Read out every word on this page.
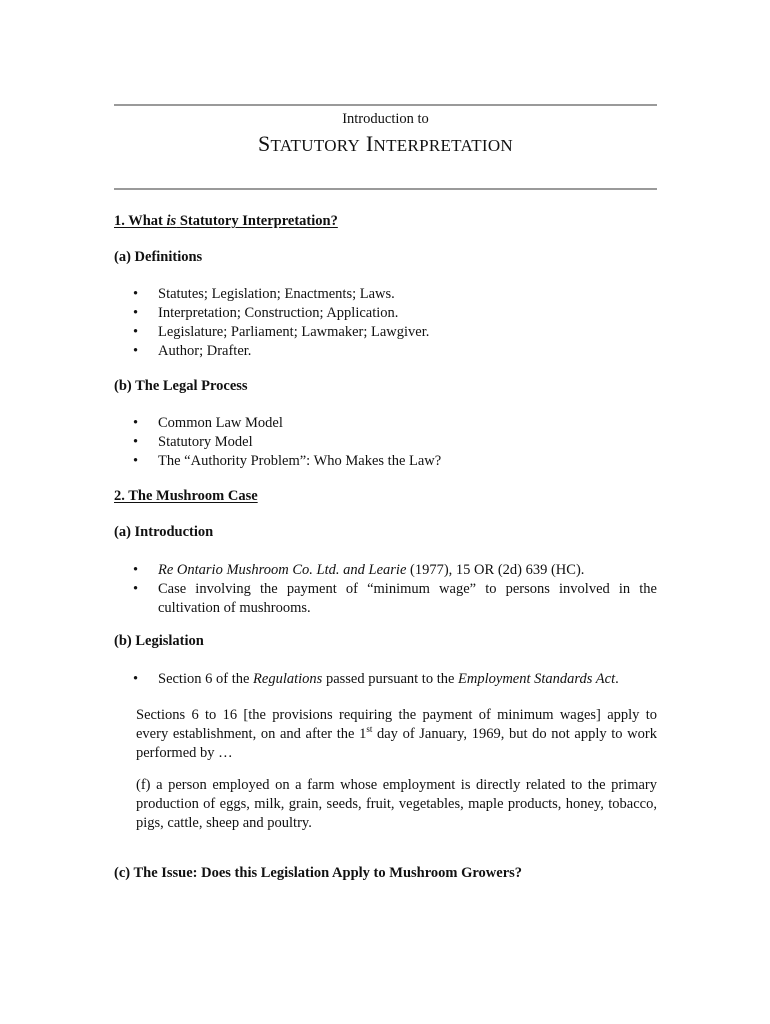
Introduction to
STATUTORY INTERPRETATION
1. What is Statutory Interpretation?
(a) Definitions
• Statutes; Legislation; Enactments; Laws.
• Interpretation; Construction; Application.
• Legislature; Parliament; Lawmaker; Lawgiver.
• Author; Drafter.
(b) The Legal Process
• Common Law Model
• Statutory Model
• The “Authority Problem”: Who Makes the Law?
2. The Mushroom Case
(a) Introduction
• Re Ontario Mushroom Co. Ltd. and Learie (1977), 15 OR (2d) 639 (HC).
• Case involving the payment of “minimum wage” to persons involved in the cultivation of mushrooms.
(b) Legislation
• Section 6 of the Regulations passed pursuant to the Employment Standards Act.
Sections 6 to 16 [the provisions requiring the payment of minimum wages] apply to every establishment, on and after the 1st day of January, 1969, but do not apply to work performed by …
(f) a person employed on a farm whose employment is directly related to the primary production of eggs, milk, grain, seeds, fruit, vegetables, maple products, honey, tobacco, pigs, cattle, sheep and poultry.
(c) The Issue: Does this Legislation Apply to Mushroom Growers?
